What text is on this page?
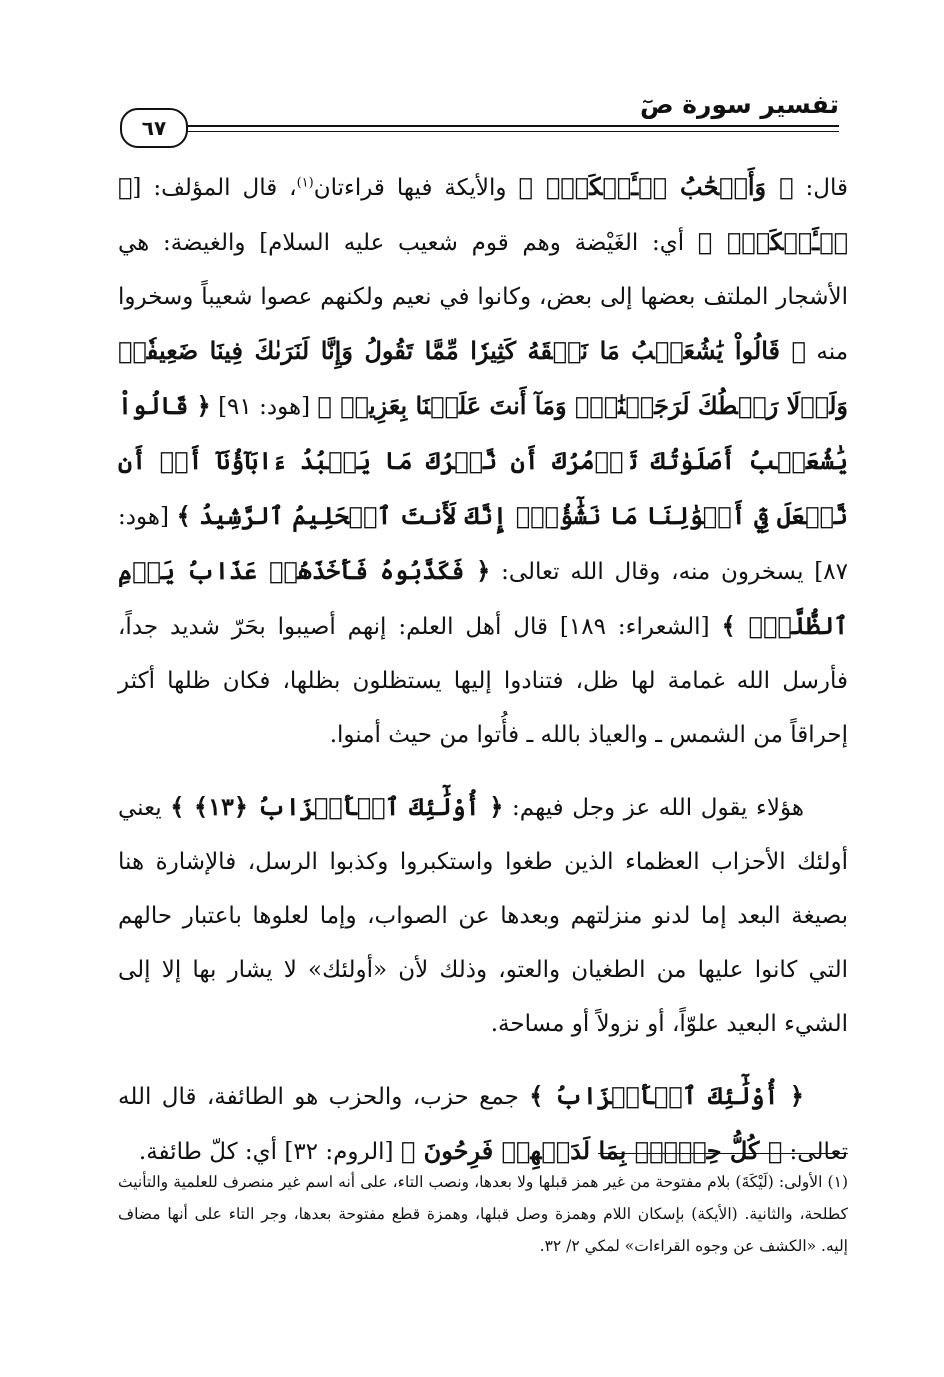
تفسير سورة صٓ
٦٧

قال: ﴿ وَأَصۡحَٰبُ لۡـَٔيۡكَةِۚ ﴾ والأيكة فيها قراءتان$^{(١)}$، قال المؤلف: [﴿ لۡـَٔيۡكَةِۚ ﴾ أي: الغَيْضة وهم قوم شعيب عليه السلام] والغيضة: هي الأشجار الملتف بعضها إلى بعض، وكانوا في نعيم ولكنهم عصوا شعيباً وسخروا منه ﴿ قَالُواْ يَٰشُعَيۡبُ مَا نَفۡقَهُ كَثِيرٗا مِّمَّا تَقُولُ وَإِنَّا لَنَرَىٰكَ فِينَا ضَعِيفٗاۖ وَلَوۡلَا رَهۡطُكَ لَرَجَمۡنَٰكَۖ وَمَآ أَنتَ عَلَيۡنَا بِعَزِيزٖ ﴾ [هود: ٩١] ﴿ قَالُواْ يَٰشُعَيۡبُ أَصَلَوٰتُكَ تَأۡمُرُكَ أَن نَّتۡرُكَ مَا يَعۡبُدُ ءَابَآؤُنَآ أَوۡ أَن نَّفۡعَلَ فِيٓ أَمۡوَٰلِنَا مَا نَشَٰٓؤُاْۖ إِنَّكَ لَأَنتَ ٱلۡحَلِيمُ ٱلرَّشِيدُ ﴾ [هود: ٨٧] يسخرون منه، وقال الله تعالى: ﴿ فَكَذَّبُوهُ فَأَخَذَهُمۡ عَذَابُ يَوۡمِ ٱلظُّلَّةِۚ ﴾ [الشعراء: ١٨٩] قال أهل العلم: إنهم أصيبوا بحَرّ شديد جداً، فأرسل الله غمامة لها ظل، فتنادوا إليها يستظلون بظلها، فكان ظلها أكثر إحراقاً من الشمس ـ والعياذ بالله ـ فأُتوا من حيث أمنوا.

هؤلاء يقول الله عز وجل فيهم: ﴿ أُوْلَٰٓئِكَ ٱلۡأَحۡزَابُ ﴿١٣﴾ ﴾ يعني أولئك الأحزاب العظماء الذين طغوا واستكبروا وكذبوا الرسل، فالإشارة هنا بصيغة البعد إما لدنو منزلتهم وبعدها عن الصواب، وإما لعلوها باعتبار حالهم التي كانوا عليها من الطغيان والعتو، وذلك لأن «أولئك» لا يشار بها إلا إلى الشيء البعيد علوّاً، أو نزولاً أو مساحة.

﴿ أُوْلَٰٓئِكَ ٱلۡأَحۡزَابُ ﴾ جمع حزب، والحزب هو الطائفة، قال الله تعالى: ﴿ كُلُّ حِزۡبِۭ بِمَا لَدَيۡهِمۡ فَرِحُونَ ﴾ [الروم: ٣٢] أي: كلّ طائفة.

(١) الأولى: (لَيْكَةَ) بلام مفتوحة من غير همز قبلها ولا بعدها، ونصب التاء، على أنه اسم غير منصرف للعلمية والتأنيث كطلحة، والثانية. (الأيكة) بإسكان اللام وهمزة وصل قبلها، وهمزة قطع مفتوحة بعدها، وجر التاء على أنها مضاف إليه. «الكشف عن وجوه القراءات» لمكي ٢/ ٣٢.
